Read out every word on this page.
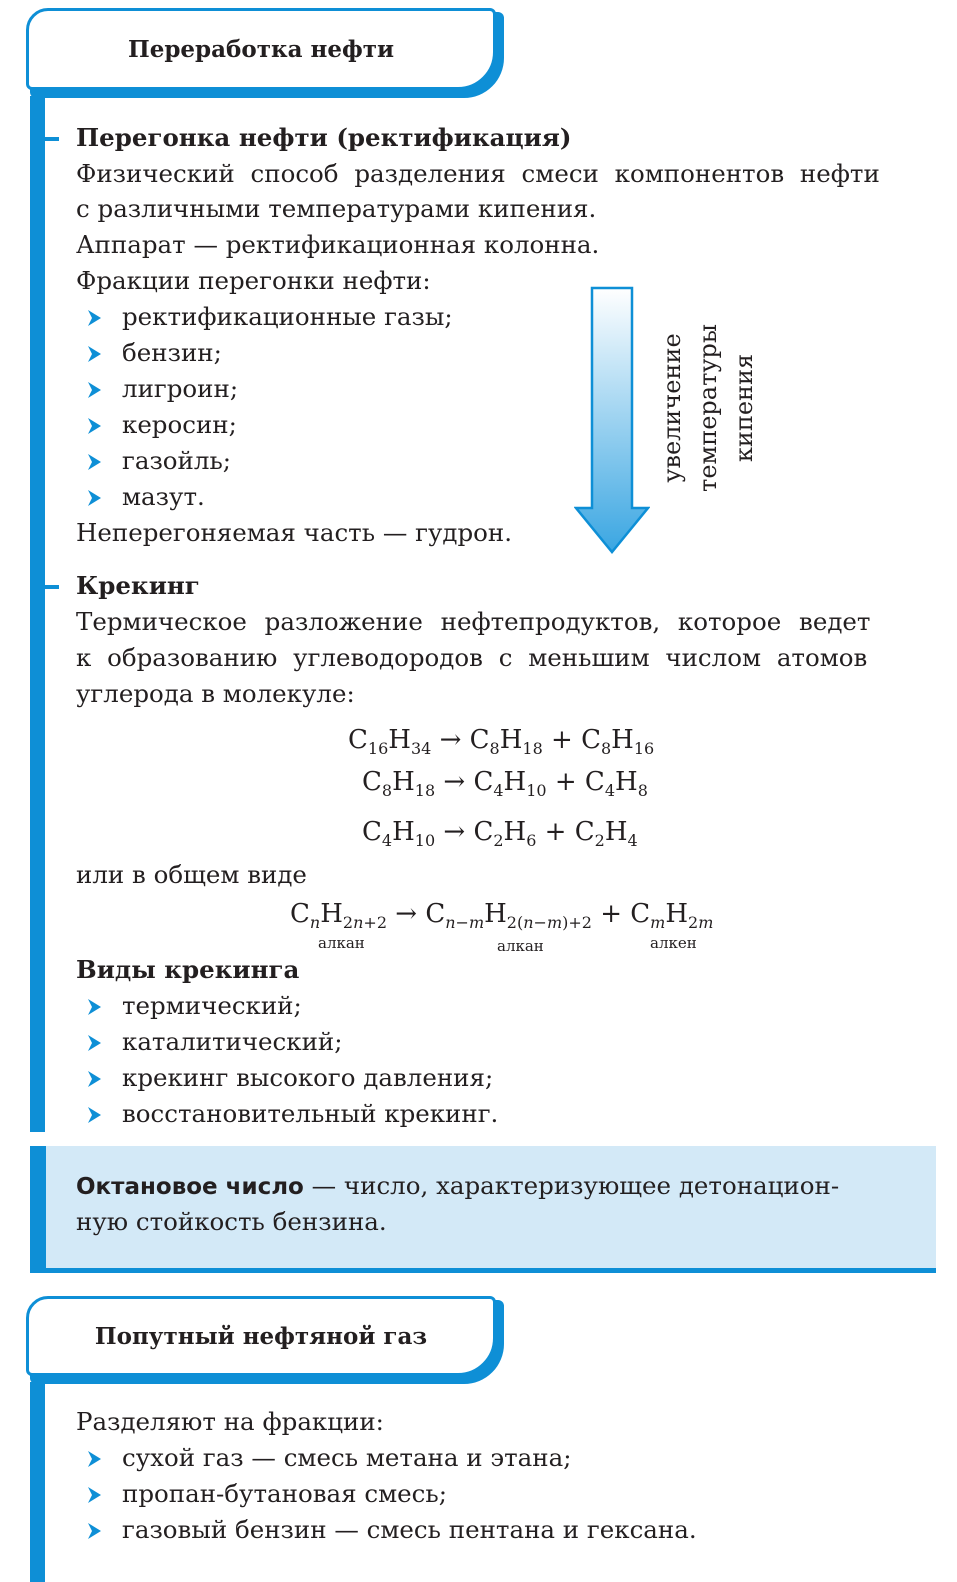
Переработка нефти
Перегонка нефти (ректификация)
Физический способ разделения смеси компонентов нефти
с различными температурами кипения.
Аппарат — ректификационная колонна.
Фракции перегонки нефти:
ректификационные газы;
бензин;
лигроин;
керосин;
газойль;
мазут.
Неперегоняемая часть — гудрон.
увеличение температуры кипения
Крекинг
Термическое разложение нефтепродуктов, которое ведет
к образованию углеводородов с меньшим числом атомов
углерода в молекуле:
$C_{16}H_{34} \to C_8H_{18} + C_8H_{16}$
$C_8H_{18} \to C_4H_{10} + C_4H_8$
$C_4H_{10} \to C_2H_6 + C_2H_4$
или в общем виде
$C_nH_{2n+2} \to C_{n-m}H_{2(n-m)+2} + C_mH_{2m}$
алкан	алкан	алкен
Виды крекинга
термический;
каталитический;
крекинг высокого давления;
восстановительный крекинг.
Октановое число — число, характеризующее детонацион-
ную стойкость бензина.
Попутный нефтяной газ
Разделяют на фракции:
сухой газ — смесь метана и этана;
пропан-бутановая смесь;
газовый бензин — смесь пентана и гексана.
